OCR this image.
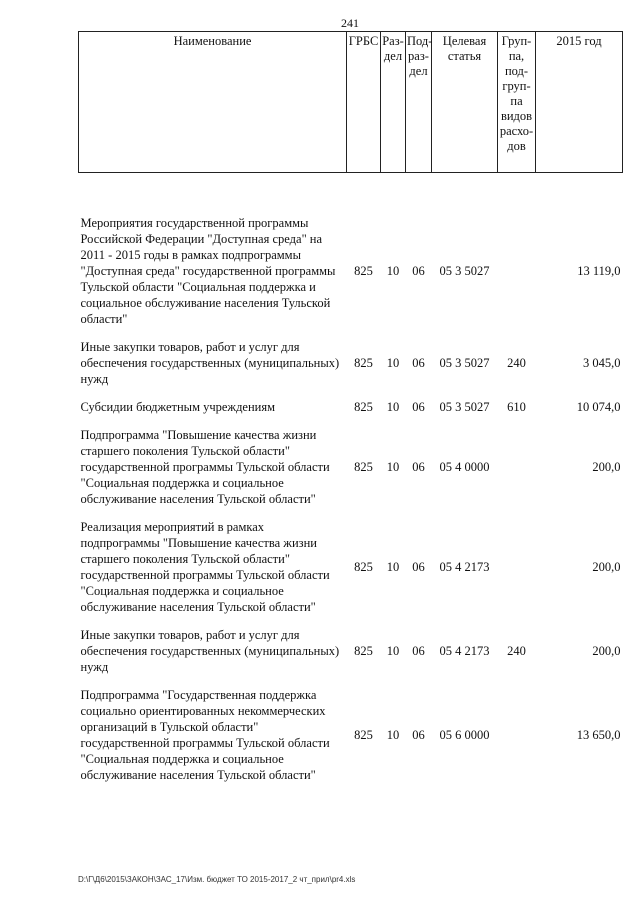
241
Наименование	ГРБС	Раз- дел	Под- раз- дел	Целевая статья	Груп- па, под- груп- па видов расхо- дов	2015 год

Мероприятия государственной программы Российской Федерации "Доступная среда" на 2011 - 2015 годы в рамках подпрограммы "Доступная среда" государственной программы Тульской области "Социальная поддержка и социальное обслуживание населения Тульской области"	825	10	06	05 3 5027		13 119,0
Иные закупки товаров, работ и услуг для обеспечения государственных (муниципальных) нужд	825	10	06	05 3 5027	240	3 045,0
Субсидии бюджетным учреждениям	825	10	06	05 3 5027	610	10 074,0
Подпрограмма "Повышение качества жизни старшего поколения Тульской области" государственной программы Тульской области "Социальная поддержка и социальное обслуживание населения Тульской области"	825	10	06	05 4 0000		200,0
Реализация мероприятий в рамках подпрограммы "Повышение качества жизни старшего поколения Тульской области" государственной программы Тульской области "Социальная поддержка и социальное обслуживание населения Тульской области"	825	10	06	05 4 2173		200,0
Иные закупки товаров, работ и услуг для обеспечения государственных (муниципальных) нужд	825	10	06	05 4 2173	240	200,0
Подпрограмма "Государственная поддержка социально ориентированных некоммерческих организаций в Тульской области" государственной программы Тульской области "Социальная поддержка и социальное обслуживание населения Тульской области"	825	10	06	05 6 0000		13 650,0
D:\Г\Д6\2015\ЗАКОН\ЗАС_17\Изм. бюджет ТО 2015-2017_2 чт_прил\pr4.xls
